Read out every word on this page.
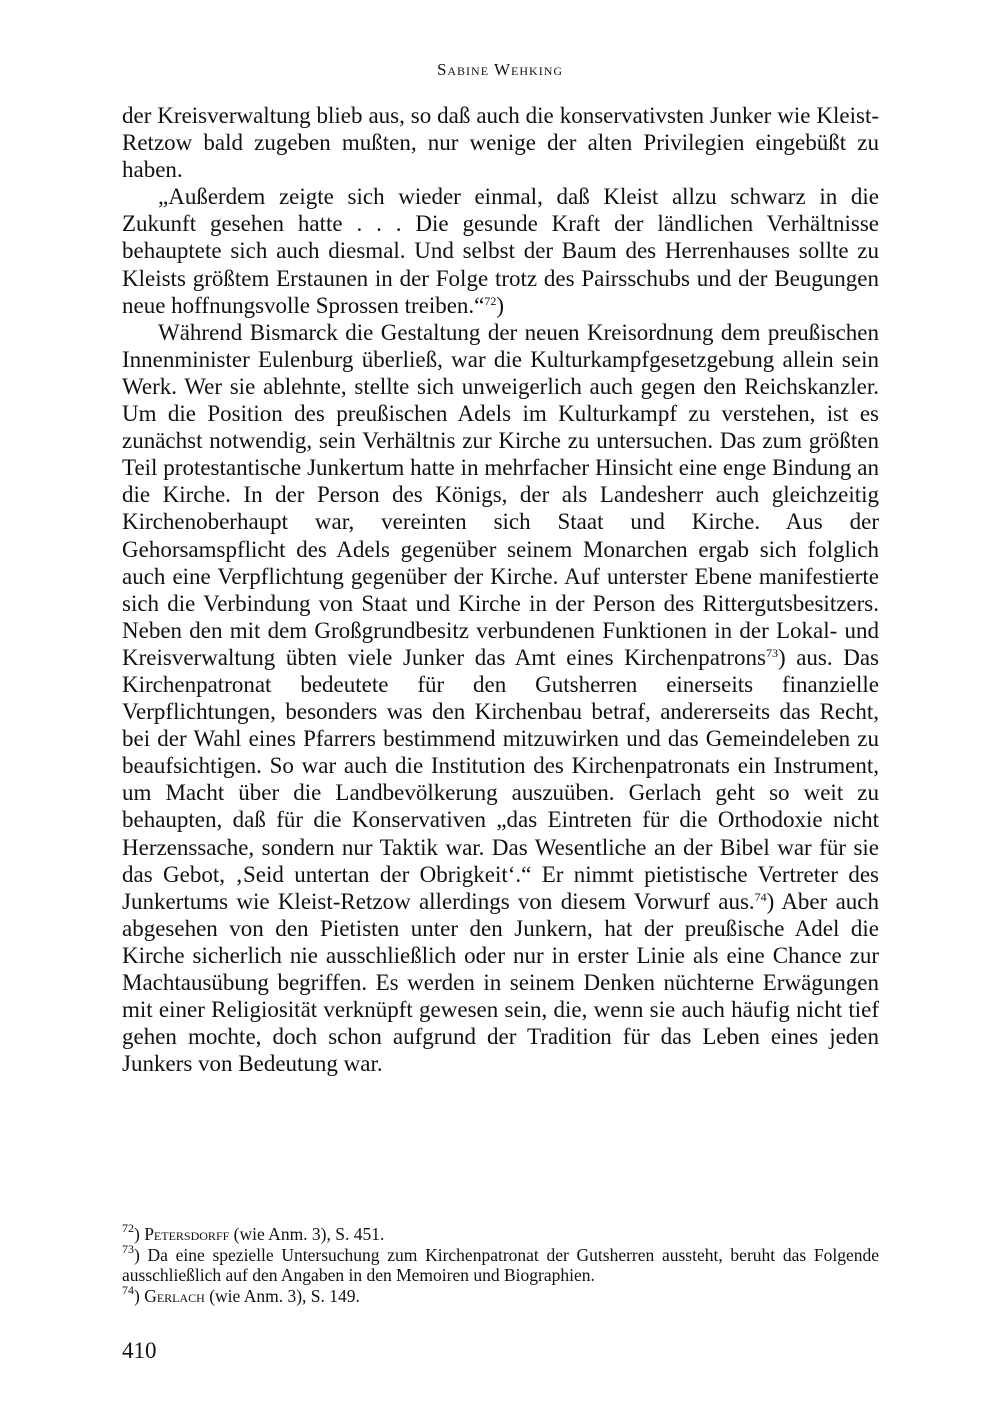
Sabine Wehking

der Kreisverwaltung blieb aus, so daß auch die konservativsten Junker wie Kleist-Retzow bald zugeben mußten, nur wenige der alten Privilegien eingebüßt zu haben.

„Außerdem zeigte sich wieder einmal, daß Kleist allzu schwarz in die Zukunft gesehen hatte . . . Die gesunde Kraft der ländlichen Verhältnisse behauptete sich auch diesmal. Und selbst der Baum des Herrenhauses sollte zu Kleists größtem Erstaunen in der Folge trotz des Pairsschubs und der Beugungen neue hoffnungsvolle Sprossen treiben.“$^{72}$)

Während Bismarck die Gestaltung der neuen Kreisordnung dem preußischen Innenminister Eulenburg überließ, war die Kulturkampfgesetzgebung allein sein Werk. Wer sie ablehnte, stellte sich unweigerlich auch gegen den Reichskanzler. Um die Position des preußischen Adels im Kulturkampf zu verstehen, ist es zunächst notwendig, sein Verhältnis zur Kirche zu untersuchen. Das zum größten Teil protestantische Junkertum hatte in mehrfacher Hinsicht eine enge Bindung an die Kirche. In der Person des Königs, der als Landesherr auch gleichzeitig Kirchenoberhaupt war, vereinten sich Staat und Kirche. Aus der Gehorsamspflicht des Adels gegenüber seinem Monarchen ergab sich folglich auch eine Verpflichtung gegenüber der Kirche. Auf unterster Ebene manifestierte sich die Verbindung von Staat und Kirche in der Person des Rittergutsbesitzers. Neben den mit dem Großgrundbesitz verbundenen Funktionen in der Lokal- und Kreisverwaltung übten viele Junker das Amt eines Kirchenpatrons$^{73}$) aus. Das Kirchenpatronat bedeutete für den Gutsherren einerseits finanzielle Verpflichtungen, besonders was den Kirchenbau betraf, andererseits das Recht, bei der Wahl eines Pfarrers bestimmend mitzuwirken und das Gemeindeleben zu beaufsichtigen. So war auch die Institution des Kirchenpatronats ein Instrument, um Macht über die Landbevölkerung auszuüben. Gerlach geht so weit zu behaupten, daß für die Konservativen „das Eintreten für die Orthodoxie nicht Herzenssache, sondern nur Taktik war. Das Wesentliche an der Bibel war für sie das Gebot, ‚Seid untertan der Obrigkeit‘.“ Er nimmt pietistische Vertreter des Junkertums wie Kleist-Retzow allerdings von diesem Vorwurf aus.$^{74}$) Aber auch abgesehen von den Pietisten unter den Junkern, hat der preußische Adel die Kirche sicherlich nie ausschließlich oder nur in erster Linie als eine Chance zur Machtausübung begriffen. Es werden in seinem Denken nüchterne Erwägungen mit einer Religiosität verknüpft gewesen sein, die, wenn sie auch häufig nicht tief gehen mochte, doch schon aufgrund der Tradition für das Leben eines jeden Junkers von Bedeutung war.

$^{72}$) Petersdorff (wie Anm. 3), S. 451.

$^{73}$) Da eine spezielle Untersuchung zum Kirchenpatronat der Gutsherren aussteht, beruht das Folgende ausschließlich auf den Angaben in den Memoiren und Biographien.

$^{74}$) Gerlach (wie Anm. 3), S. 149.

410
